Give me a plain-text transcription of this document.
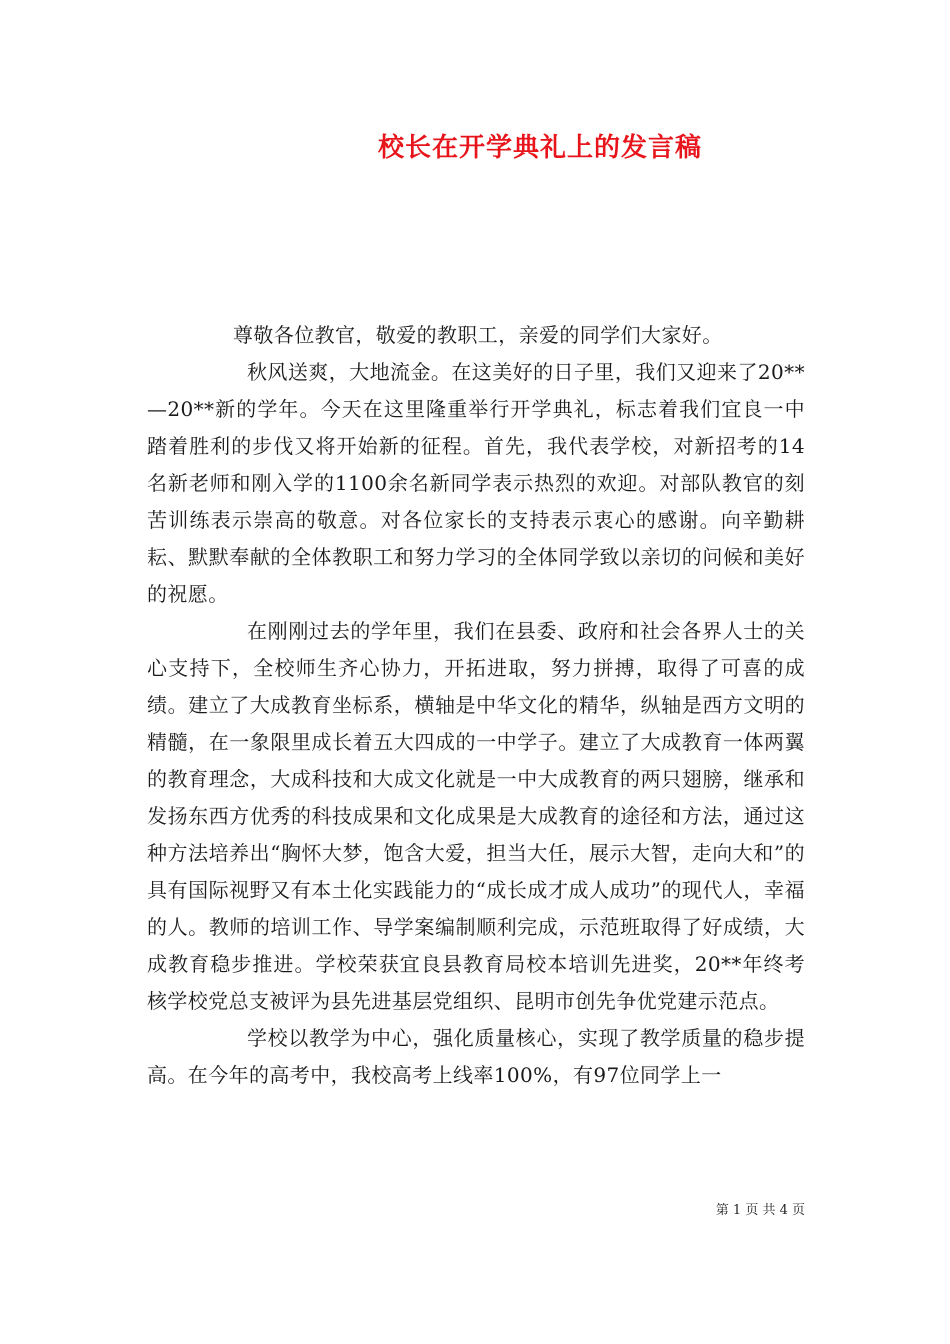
校长在开学典礼上的发言稿

尊敬各位教官，敬爱的教职工，亲爱的同学们大家好。

秋风送爽，大地流金。在这美好的日子里，我们又迎来了20**—20**新的学年。今天在这里隆重举行开学典礼，标志着我们宜良一中踏着胜利的步伐又将开始新的征程。首先，我代表学校，对新招考的14名新老师和刚入学的1100余名新同学表示热烈的欢迎。对部队教官的刻苦训练表示崇高的敬意。对各位家长的支持表示衷心的感谢。向辛勤耕耘、默默奉献的全体教职工和努力学习的全体同学致以亲切的问候和美好的祝愿。

在刚刚过去的学年里，我们在县委、政府和社会各界人士的关心支持下，全校师生齐心协力，开拓进取，努力拼搏，取得了可喜的成绩。建立了大成教育坐标系，横轴是中华文化的精华，纵轴是西方文明的精髓，在一象限里成长着五大四成的一中学子。建立了大成教育一体两翼的教育理念，大成科技和大成文化就是一中大成教育的两只翅膀，继承和发扬东西方优秀的科技成果和文化成果是大成教育的途径和方法，通过这种方法培养出“胸怀大梦，饱含大爱，担当大任，展示大智，走向大和”的具有国际视野又有本土化实践能力的“成长成才成人成功”的现代人，幸福的人。教师的培训工作、导学案编制顺利完成，示范班取得了好成绩，大成教育稳步推进。学校荣获宜良县教育局校本培训先进奖，20**年终考核学校党总支被评为县先进基层党组织、昆明市创先争优党建示范点。

学校以教学为中心，强化质量核心，实现了教学质量的稳步提高。在今年的高考中，我校高考上线率100%，有97位同学上一

第 1 页 共 4 页
